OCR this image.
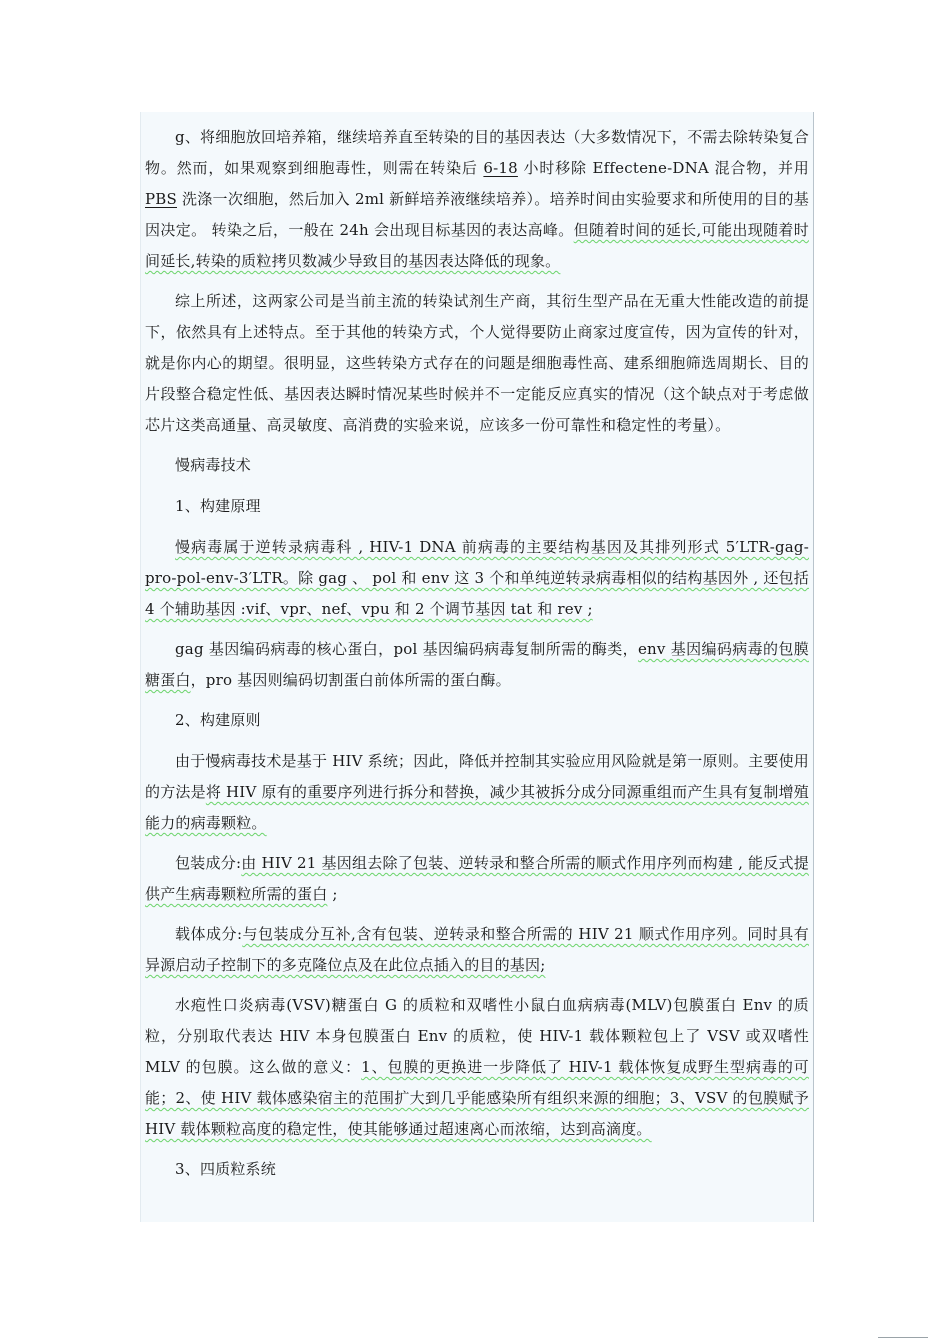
g、将细胞放回培养箱，继续培养直至转染的目的基因表达（大多数情况下，不需去除转染复合物。然而，如果观察到细胞毒性，则需在转染后 6-18 小时移除 Effectene-DNA 混合物，并用 PBS 洗涤一次细胞，然后加入 2ml 新鲜培养液继续培养）。培养时间由实验要求和所使用的目的基因决定。 转染之后，一般在 24h 会出现目标基因的表达高峰。但随着时间的延长,可能出现随着时间延长,转染的质粒拷贝数减少导致目的基因表达降低的现象。

综上所述，这两家公司是当前主流的转染试剂生产商，其衍生型产品在无重大性能改造的前提下，依然具有上述特点。至于其他的转染方式，个人觉得要防止商家过度宣传，因为宣传的针对，就是你内心的期望。很明显，这些转染方式存在的问题是细胞毒性高、建系细胞筛选周期长、目的片段整合稳定性低、基因表达瞬时情况某些时候并不一定能反应真实的情况（这个缺点对于考虑做芯片这类高通量、高灵敏度、高消费的实验来说，应该多一份可靠性和稳定性的考量）。

慢病毒技术

1、构建原理

慢病毒属于逆转录病毒科 , HIV-1 DNA 前病毒的主要结构基因及其排列形式 5′LTR-gag-pro-pol-env-3′LTR。除 gag 、 pol 和 env 这 3 个和单纯逆转录病毒相似的结构基因外 , 还包括 4 个辅助基因 :vif、vpr、nef、vpu 和 2 个调节基因 tat 和 rev ;

gag 基因编码病毒的核心蛋白，pol 基因编码病毒复制所需的酶类，env 基因编码病毒的包膜糖蛋白，pro 基因则编码切割蛋白前体所需的蛋白酶。

2、构建原则

由于慢病毒技术是基于 HIV 系统；因此，降低并控制其实验应用风险就是第一原则。主要使用的方法是将 HIV 原有的重要序列进行拆分和替换，减少其被拆分成分同源重组而产生具有复制增殖能力的病毒颗粒。

包装成分:由 HIV 21 基因组去除了包装、逆转录和整合所需的顺式作用序列而构建 , 能反式提供产生病毒颗粒所需的蛋白 ;

载体成分:与包装成分互补,含有包装、逆转录和整合所需的 HIV 21 顺式作用序列。同时具有异源启动子控制下的多克隆位点及在此位点插入的目的基因;

水疱性口炎病毒(VSV)糖蛋白 G 的质粒和双嗜性小鼠白血病病毒(MLV)包膜蛋白 Env 的质粒，分别取代表达 HIV 本身包膜蛋白 Env 的质粒，使 HIV-1 载体颗粒包上了 VSV 或双嗜性 MLV 的包膜。这么做的意义：1、包膜的更换进一步降低了 HIV-1 载体恢复成野生型病毒的可能；2、使 HIV 载体感染宿主的范围扩大到几乎能感染所有组织来源的细胞；3、VSV 的包膜赋予 HIV 载体颗粒高度的稳定性，使其能够通过超速离心而浓缩，达到高滴度。

3、四质粒系统
